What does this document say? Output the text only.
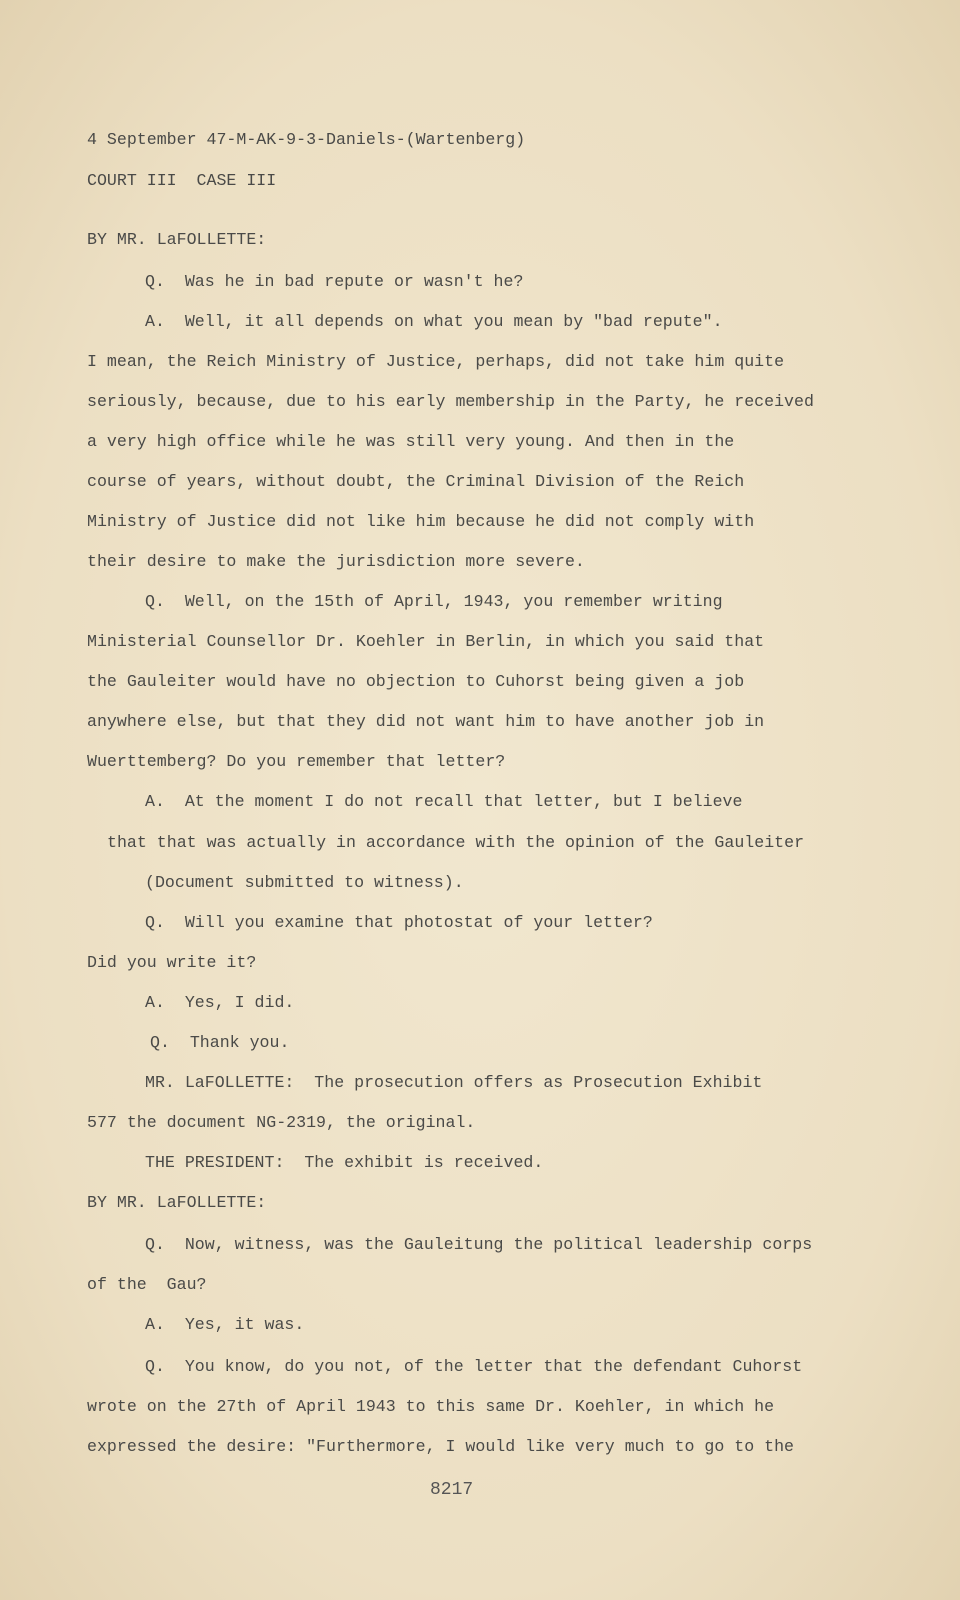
4 September 47-M-AK-9-3-Daniels-(Wartenberg)
COURT III  CASE III
BY MR. LaFOLLETTE:
Q.  Was he in bad repute or wasn't he?
A.  Well, it all depends on what you mean by "bad repute".
I mean, the Reich Ministry of Justice, perhaps, did not take him quite
seriously, because, due to his early membership in the Party, he received
a very high office while he was still very young. And then in the
course of years, without doubt, the Criminal Division of the Reich
Ministry of Justice did not like him because he did not comply with
their desire to make the jurisdiction more severe.
Q.  Well, on the 15th of April, 1943, you remember writing
Ministerial Counsellor Dr. Koehler in Berlin, in which you said that
the Gauleiter would have no objection to Cuhorst being given a job
anywhere else, but that they did not want him to have another job in
Wuerttemberg? Do you remember that letter?
A.  At the moment I do not recall that letter, but I believe
that that was actually in accordance with the opinion of the Gauleiter
(Document submitted to witness).
Q.  Will you examine that photostat of your letter?
Did you write it?
A.  Yes, I did.
Q.  Thank you.
MR. LaFOLLETTE:  The prosecution offers as Prosecution Exhibit
577 the document NG-2319, the original.
THE PRESIDENT:  The exhibit is received.
BY MR. LaFOLLETTE:
Q.  Now, witness, was the Gauleitung the political leadership corps
of the  Gau?
A.  Yes, it was.
Q.  You know, do you not, of the letter that the defendant Cuhorst
wrote on the 27th of April 1943 to this same Dr. Koehler, in which he
expressed the desire: "Furthermore, I would like very much to go to the
8217
